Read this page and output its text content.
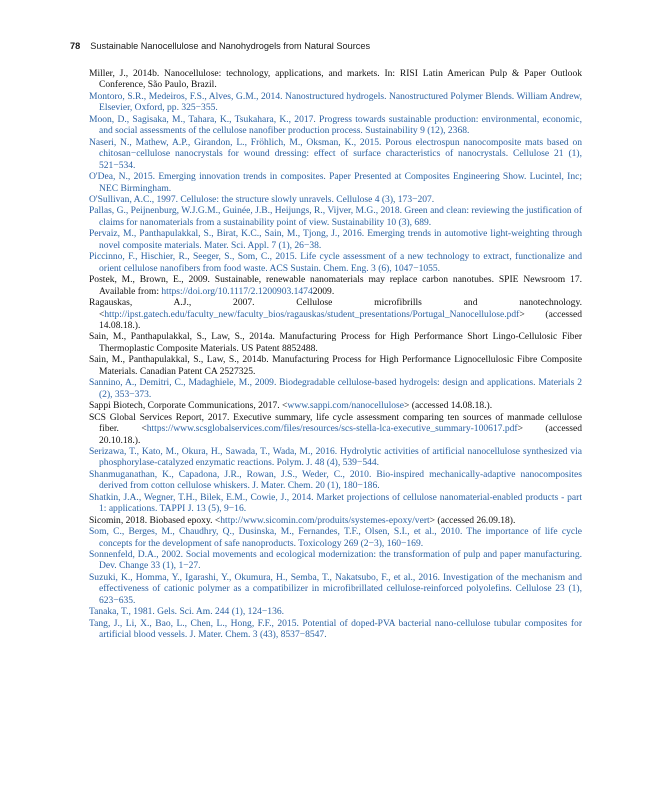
78 Sustainable Nanocellulose and Nanohydrogels from Natural Sources

Miller, J., 2014b. Nanocellulose: technology, applications, and markets. In: RISI Latin American Pulp & Paper Outlook Conference, São Paulo, Brazil.

Montoro, S.R., Medeiros, F.S., Alves, G.M., 2014. Nanostructured hydrogels. Nanostructured Polymer Blends. William Andrew, Elsevier, Oxford, pp. 325−355.

Moon, D., Sagisaka, M., Tahara, K., Tsukahara, K., 2017. Progress towards sustainable production: environmental, economic, and social assessments of the cellulose nanofiber production process. Sustainability 9 (12), 2368.

Naseri, N., Mathew, A.P., Girandon, L., Fröhlich, M., Oksman, K., 2015. Porous electrospun nanocomposite mats based on chitosan−cellulose nanocrystals for wound dressing: effect of surface characteristics of nanocrystals. Cellulose 21 (1), 521−534.

O'Dea, N., 2015. Emerging innovation trends in composites. Paper Presented at Composites Engineering Show. Lucintel, Inc; NEC Birmingham.

O'Sullivan, A.C., 1997. Cellulose: the structure slowly unravels. Cellulose 4 (3), 173−207.

Pallas, G., Peijnenburg, W.J.G.M., Guinée, J.B., Heijungs, R., Vijver, M.G., 2018. Green and clean: reviewing the justification of claims for nanomaterials from a sustainability point of view. Sustainability 10 (3), 689.

Pervaiz, M., Panthapulakkal, S., Birat, K.C., Sain, M., Tjong, J., 2016. Emerging trends in automotive light-weighting through novel composite materials. Mater. Sci. Appl. 7 (1), 26−38.

Piccinno, F., Hischier, R., Seeger, S., Som, C., 2015. Life cycle assessment of a new technology to extract, functionalize and orient cellulose nanofibers from food waste. ACS Sustain. Chem. Eng. 3 (6), 1047−1055.

Postek, M., Brown, E., 2009. Sustainable, renewable nanomaterials may replace carbon nanotubes. SPIE Newsroom 17. Available from: https://doi.org/10.1117/2.1200903.14742009.

Ragauskas, A.J., 2007. Cellulose microfibrills and nanotechnology. <http://ipst.gatech.edu/faculty_new/faculty_bios/ragauskas/student_presentations/Portugal_Nanocellulose.pdf> (accessed 14.08.18.).

Sain, M., Panthapulakkal, S., Law, S., 2014a. Manufacturing Process for High Performance Short Lingo-Cellulosic Fiber Thermoplastic Composite Materials. US Patent 8852488.

Sain, M., Panthapulakkal, S., Law, S., 2014b. Manufacturing Process for High Performance Lignocellulosic Fibre Composite Materials. Canadian Patent CA 2527325.

Sannino, A., Demitri, C., Madaghiele, M., 2009. Biodegradable cellulose-based hydrogels: design and applications. Materials 2 (2), 353−373.

Sappi Biotech, Corporate Communications, 2017. <www.sappi.com/nanocellulose> (accessed 14.08.18.).

SCS Global Services Report, 2017. Executive summary, life cycle assessment comparing ten sources of manmade cellulose fiber. <https://www.scsglobalservices.com/files/resources/scs-stella-lca-executive_summary-100617.pdf> (accessed 20.10.18.).

Serizawa, T., Kato, M., Okura, H., Sawada, T., Wada, M., 2016. Hydrolytic activities of artificial nanocellulose synthesized via phosphorylase-catalyzed enzymatic reactions. Polym. J. 48 (4), 539−544.

Shanmuganathan, K., Capadona, J.R., Rowan, J.S., Weder, C., 2010. Bio-inspired mechanically-adaptive nanocomposites derived from cotton cellulose whiskers. J. Mater. Chem. 20 (1), 180−186.

Shatkin, J.A., Wegner, T.H., Bilek, E.M., Cowie, J., 2014. Market projections of cellulose nanomaterial-enabled products - part 1: applications. TAPPI J. 13 (5), 9−16.

Sicomin, 2018. Biobased epoxy. <http://www.sicomin.com/produits/systemes-epoxy/vert> (accessed 26.09.18).

Som, C., Berges, M., Chaudhry, Q., Dusinska, M., Fernandes, T.F., Olsen, S.I., et al., 2010. The importance of life cycle concepts for the development of safe nanoproducts. Toxicology 269 (2−3), 160−169.

Sonnenfeld, D.A., 2002. Social movements and ecological modernization: the transformation of pulp and paper manufacturing. Dev. Change 33 (1), 1−27.

Suzuki, K., Homma, Y., Igarashi, Y., Okumura, H., Semba, T., Nakatsubo, F., et al., 2016. Investigation of the mechanism and effectiveness of cationic polymer as a compatibilizer in microfibrillated cellulose-reinforced polyolefins. Cellulose 23 (1), 623−635.

Tanaka, T., 1981. Gels. Sci. Am. 244 (1), 124−136.

Tang, J., Li, X., Bao, L., Chen, L., Hong, F.F., 2015. Potential of doped-PVA bacterial nano-cellulose tubular composites for artificial blood vessels. J. Mater. Chem. 3 (43), 8537−8547.
